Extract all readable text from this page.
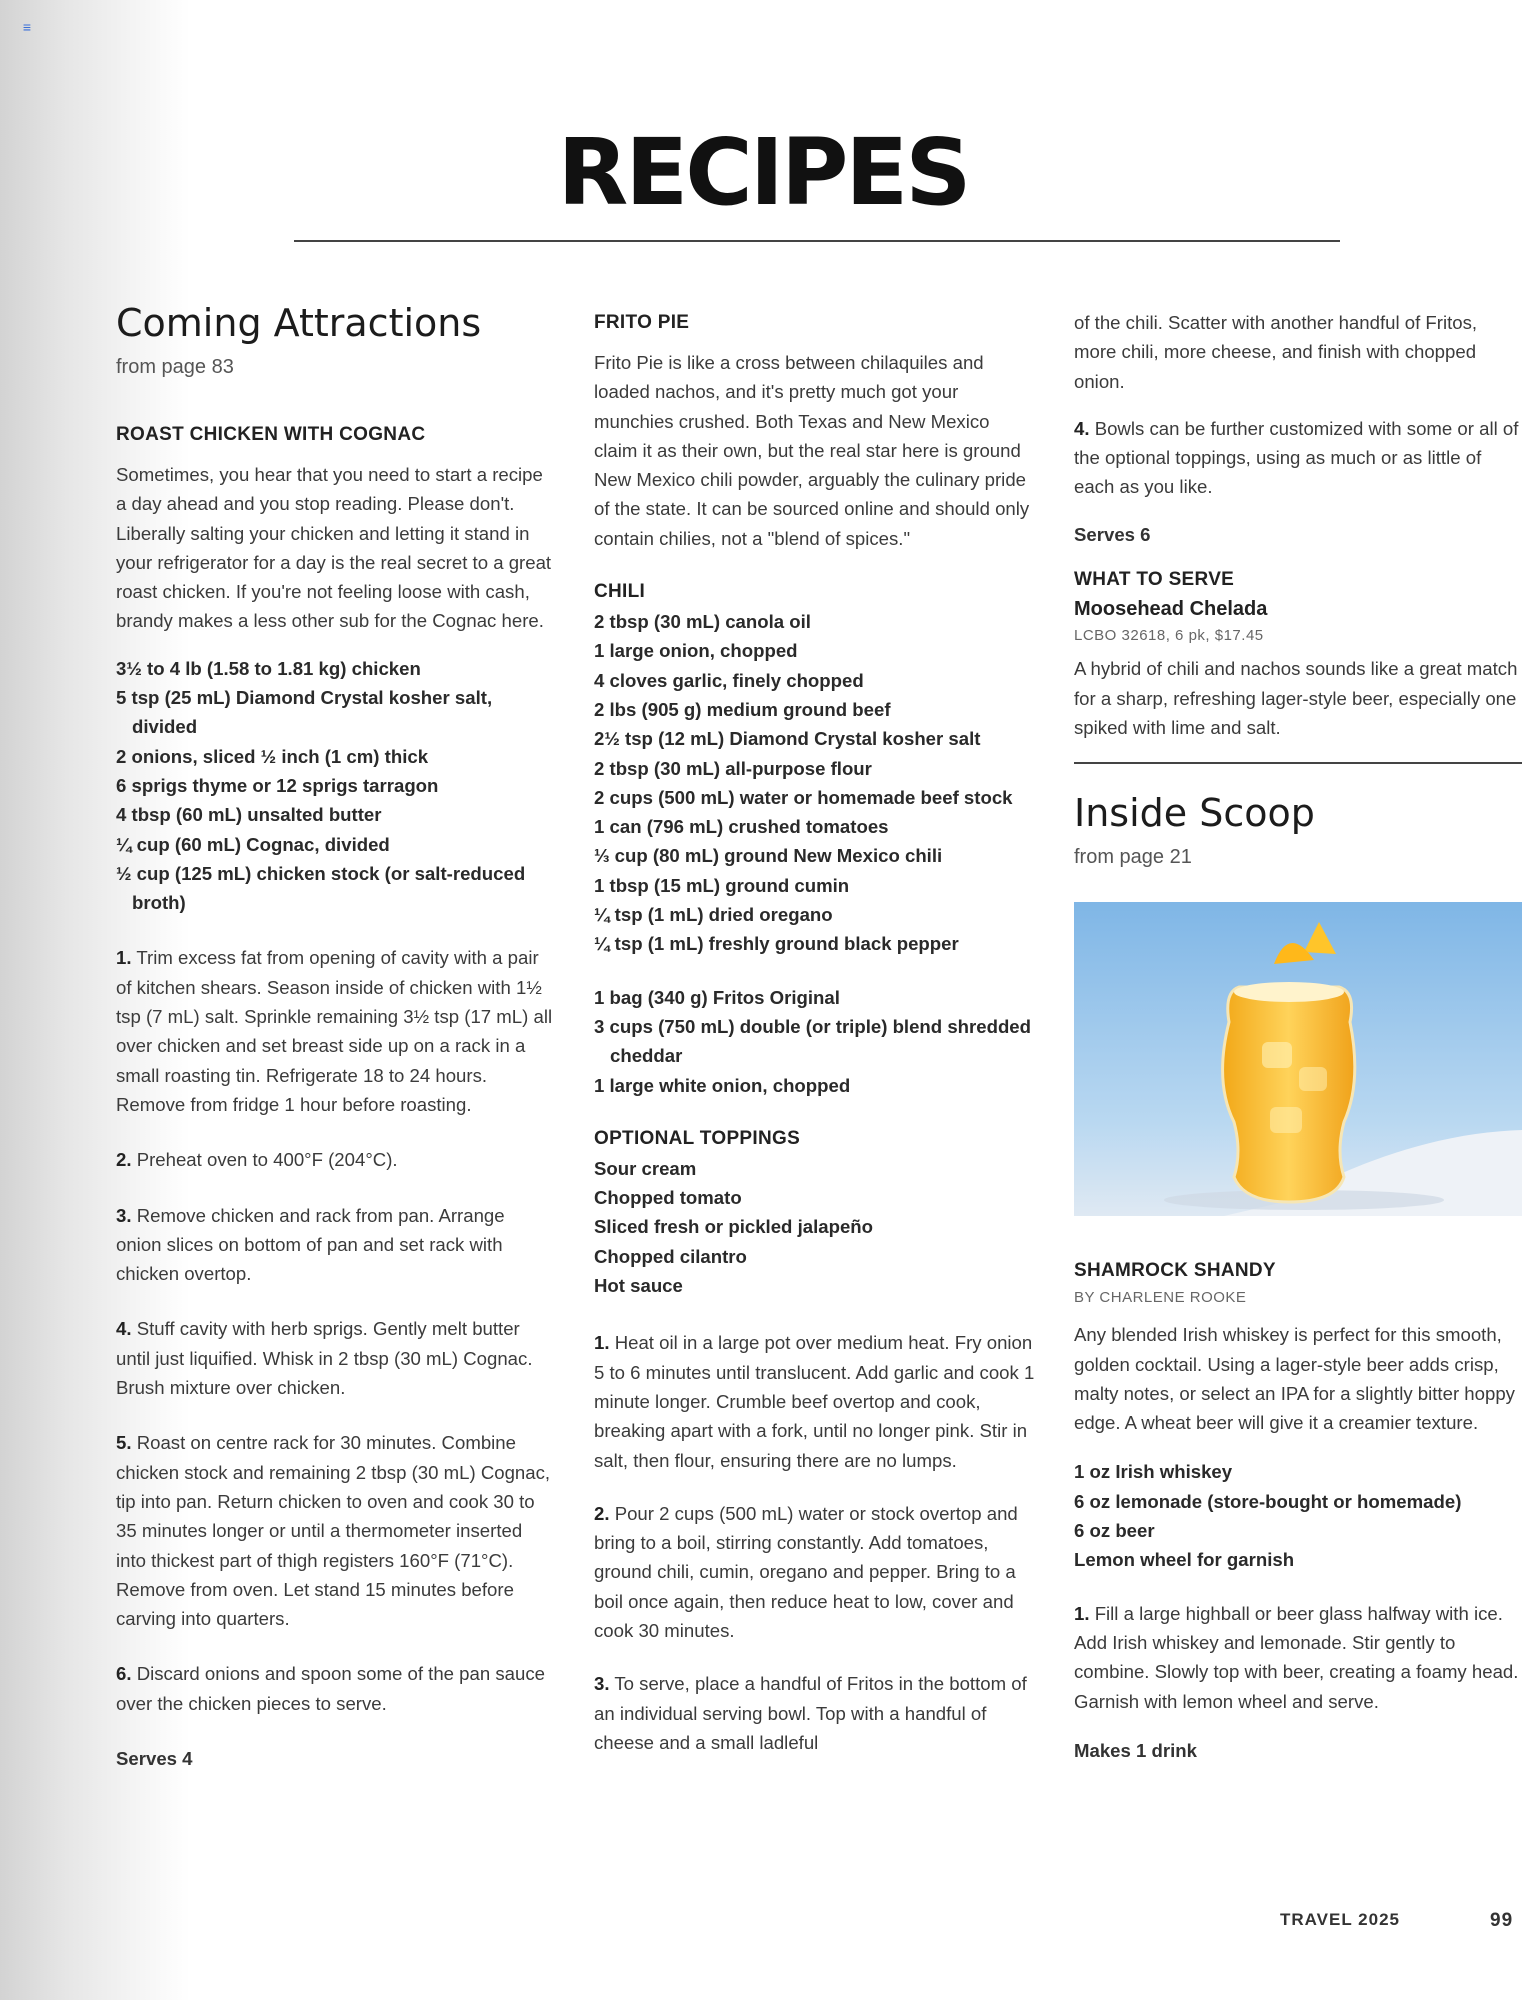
≡
RECIPES
Coming Attractions
from page 83
ROAST CHICKEN WITH COGNAC

Sometimes, you hear that you need to start a recipe a day ahead and you stop reading. Please don't. Liberally salting your chicken and letting it stand in your refrigerator for a day is the real secret to a great roast chicken. If you're not feeling loose with cash, brandy makes a less other sub for the Cognac here.

3½ to 4 lb (1.58 to 1.81 kg) chicken
5 tsp (25 mL) Diamond Crystal kosher salt, divided
2 onions, sliced ½ inch (1 cm) thick
6 sprigs thyme or 12 sprigs tarragon
4 tbsp (60 mL) unsalted butter
¼ cup (60 mL) Cognac, divided
½ cup (125 mL) chicken stock (or salt-reduced broth)

1. Trim excess fat from opening of cavity with a pair of kitchen shears. Season inside of chicken with 1½ tsp (7 mL) salt. Sprinkle remaining 3½ tsp (17 mL) all over chicken and set breast side up on a rack in a small roasting tin. Refrigerate 18 to 24 hours. Remove from fridge 1 hour before roasting.

2. Preheat oven to 400°F (204°C).

3. Remove chicken and rack from pan. Arrange onion slices on bottom of pan and set rack with chicken overtop.

4. Stuff cavity with herb sprigs. Gently melt butter until just liquified. Whisk in 2 tbsp (30 mL) Cognac. Brush mixture over chicken.

5. Roast on centre rack for 30 minutes. Combine chicken stock and remaining 2 tbsp (30 mL) Cognac, tip into pan. Return chicken to oven and cook 30 to 35 minutes longer or until a thermometer inserted into thickest part of thigh registers 160°F (71°C). Remove from oven. Let stand 15 minutes before carving into quarters.

6. Discard onions and spoon some of the pan sauce over the chicken pieces to serve.

Serves 4

FRITO PIE

Frito Pie is like a cross between chilaquiles and loaded nachos, and it's pretty much got your munchies crushed. Both Texas and New Mexico claim it as their own, but the real star here is ground New Mexico chili powder, arguably the culinary pride of the state. It can be sourced online and should only contain chilies, not a "blend of spices."

CHILI
2 tbsp (30 mL) canola oil
1 large onion, chopped
4 cloves garlic, finely chopped
2 lbs (905 g) medium ground beef
2½ tsp (12 mL) Diamond Crystal kosher salt
2 tbsp (30 mL) all-purpose flour
2 cups (500 mL) water or homemade beef stock
1 can (796 mL) crushed tomatoes
⅓ cup (80 mL) ground New Mexico chili
1 tbsp (15 mL) ground cumin
¼ tsp (1 mL) dried oregano
¼ tsp (1 mL) freshly ground black pepper
1 bag (340 g) Fritos Original
3 cups (750 mL) double (or triple) blend shredded cheddar
1 large white onion, chopped
OPTIONAL TOPPINGS
Sour cream
Chopped tomato
Sliced fresh or pickled jalapeño
Chopped cilantro
Hot sauce

1. Heat oil in a large pot over medium heat. Fry onion 5 to 6 minutes until translucent. Add garlic and cook 1 minute longer. Crumble beef overtop and cook, breaking apart with a fork, until no longer pink. Stir in salt, then flour, ensuring there are no lumps.

2. Pour 2 cups (500 mL) water or stock overtop and bring to a boil, stirring constantly. Add tomatoes, ground chili, cumin, oregano and pepper. Bring to a boil once again, then reduce heat to low, cover and cook 30 minutes.

3. To serve, place a handful of Fritos in the bottom of an individual serving bowl. Top with a handful of cheese and a small ladleful

of the chili. Scatter with another handful of Fritos, more chili, more cheese, and finish with chopped onion.

4. Bowls can be further customized with some or all of the optional toppings, using as much or as little of each as you like.

Serves 6

WHAT TO SERVE

Moosehead Chelada

LCBO 32618, 6 pk, $17.45

A hybrid of chili and nachos sounds like a great match for a sharp, refreshing lager-style beer, especially one spiked with lime and salt.

Inside Scoop
from page 21
SHAMROCK SHANDY

BY CHARLENE ROOKE

Any blended Irish whiskey is perfect for this smooth, golden cocktail. Using a lager-style beer adds crisp, malty notes, or select an IPA for a slightly bitter hoppy edge. A wheat beer will give it a creamier texture.

1 oz Irish whiskey
6 oz lemonade (store-bought or homemade)
6 oz beer
Lemon wheel for garnish

1. Fill a large highball or beer glass halfway with ice. Add Irish whiskey and lemonade. Stir gently to combine. Slowly top with beer, creating a foamy head. Garnish with lemon wheel and serve.

Makes 1 drink

TRAVEL 2025	99
